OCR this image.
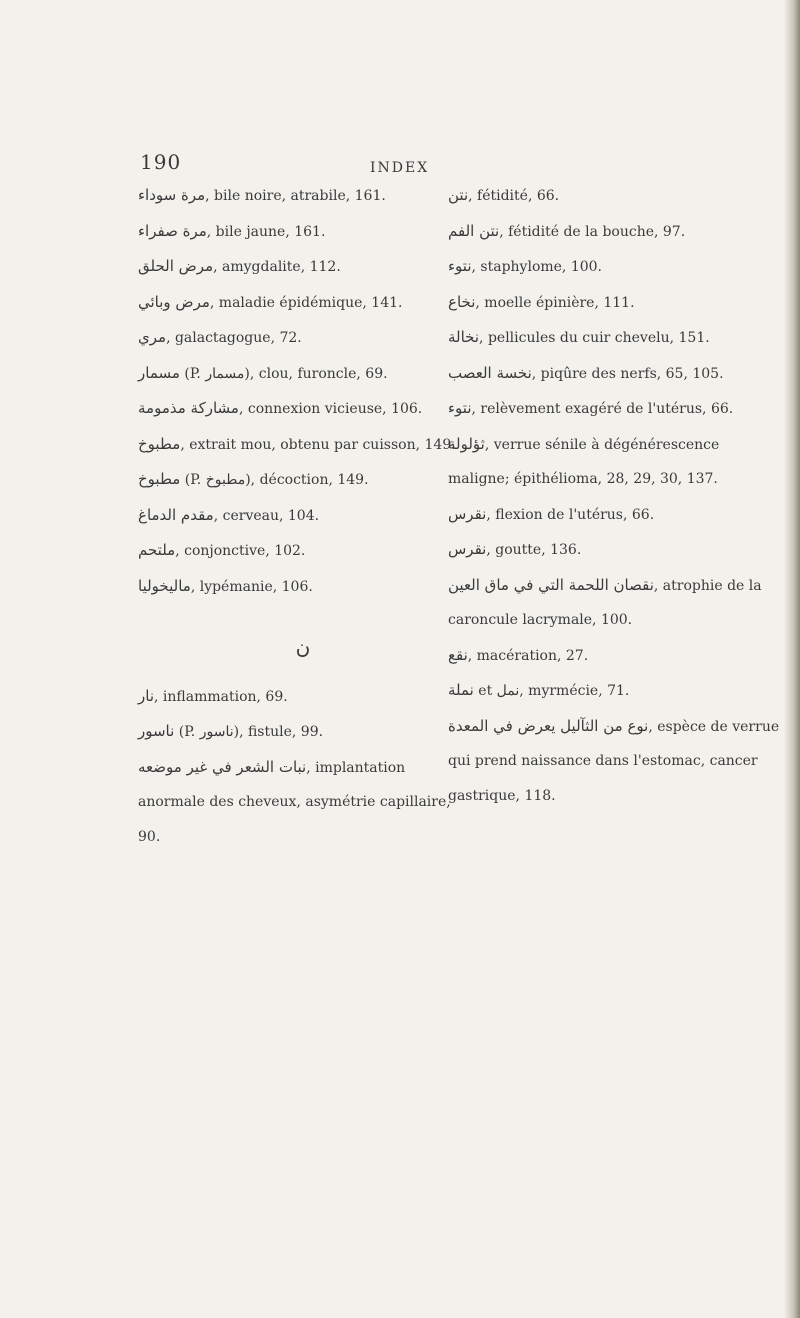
190	INDEX

مرة سوداء, bile noire, atrabile, 161.

مرة صفراء, bile jaune, 161.

مرض الحلق, amygdalite, 112.

مرض وبائي, maladie épidémique, 141.

مري, galactagogue, 72.

مسمار (P. مسمار), clou, furoncle, 69.

مشاركة مذمومة, connexion vicieuse, 106.

مطبوخ, extrait mou, obtenu par cuisson, 149.

مطبوخ (P. مطبوخ), décoction, 149.

مقدم الدماغ, cerveau, 104.

ملتحم, conjonctive, 102.

ماليخوليا, lypémanie, 106.

ن

نار, inflammation, 69.

ناسور (P. ناسور), fistule, 99.

نبات الشعر في غير موضعه, implantation anormale des cheveux, asymétrie capillaire, 90.

نتن, fétidité, 66.

نتن الفم, fétidité de la bouche, 97.

نتوء, staphylome, 100.

نخاع, moelle épinière, 111.

نخالة, pellicules du cuir chevelu, 151.

نخسة العصب, piqûre des nerfs, 65, 105.

نتوء, relèvement exagéré de l'utérus, 66.

ثؤلولة, verrue sénile à dégénérescence maligne; épithélioma, 28, 29, 30, 137.

نقرس, flexion de l'utérus, 66.

نقرس, goutte, 136.

نقصان اللحمة التي في ماق العين, atrophie de la caroncule lacrymale, 100.

نقع, macération, 27.

نملة et نمل, myrmécie, 71.

نوع من الثآليل يعرض في المعدة, espèce de verrue qui prend naissance dans l'estomac, cancer gastrique, 118.
